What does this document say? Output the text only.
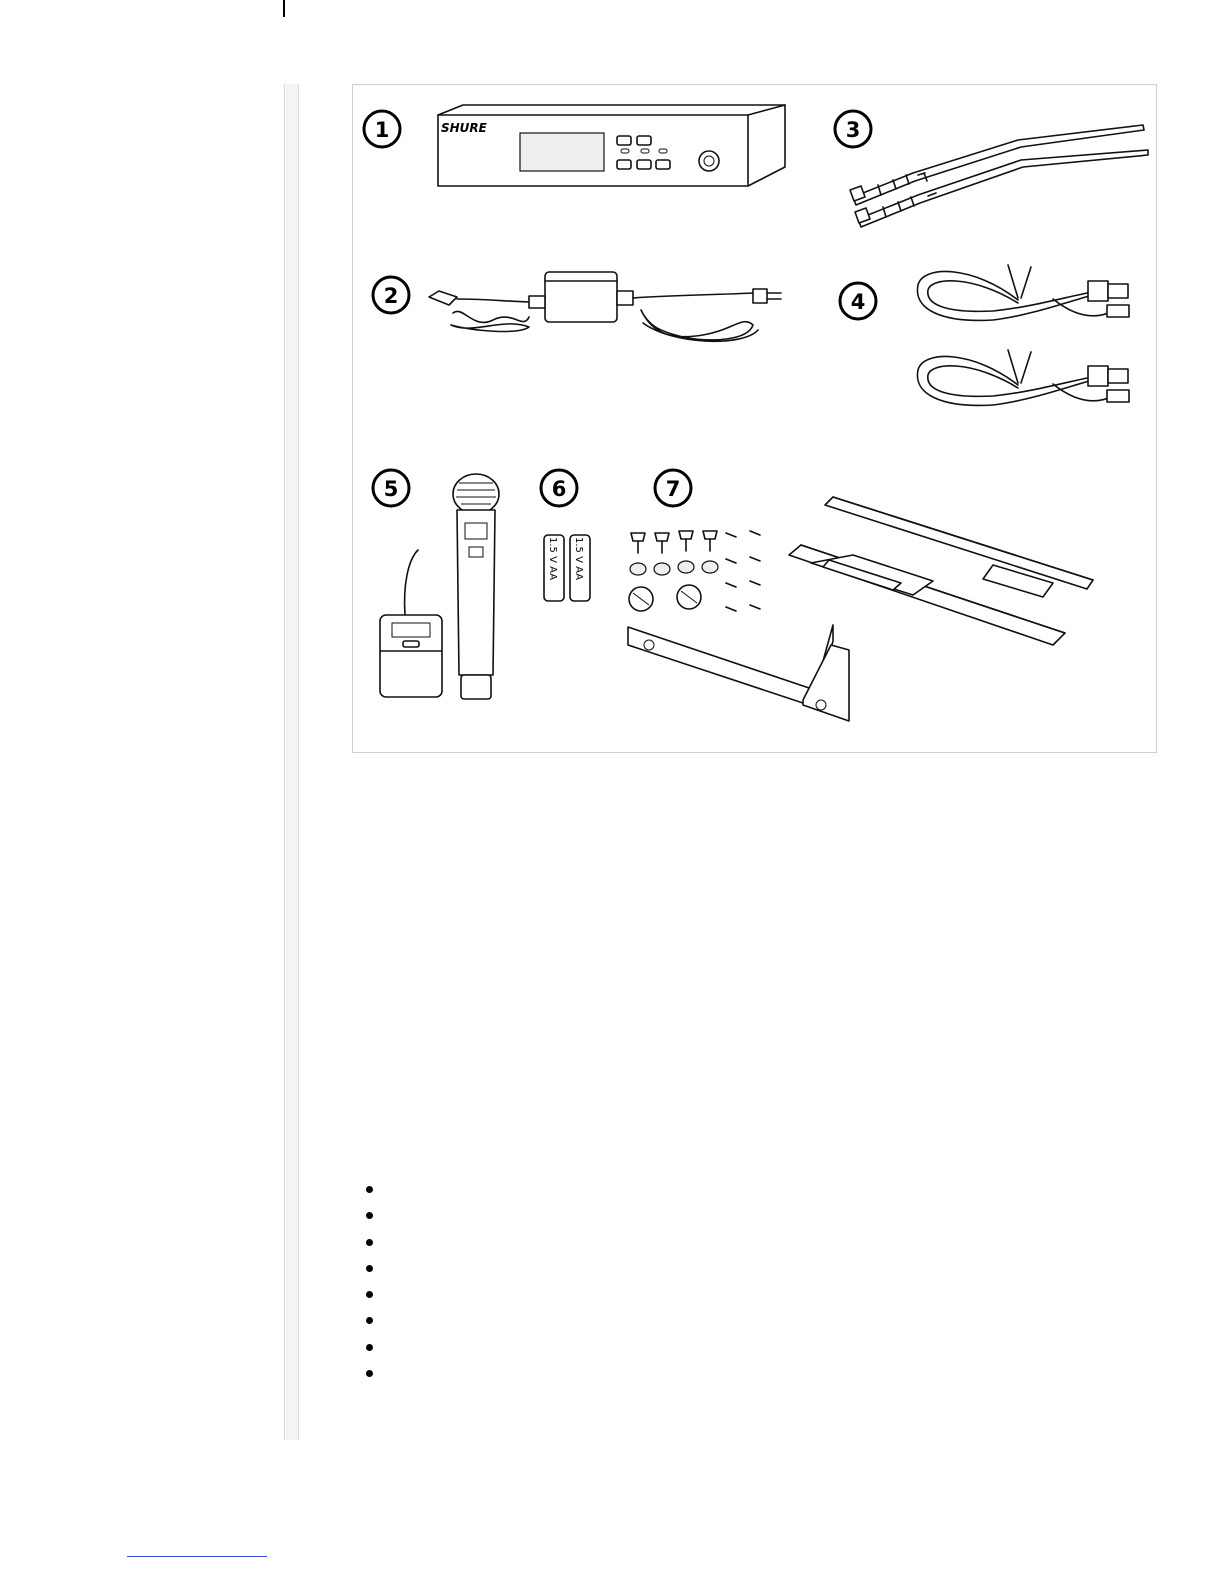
1	SHURE	3
2	4
5	6
1.5 V AA 1.5 V AA
7
